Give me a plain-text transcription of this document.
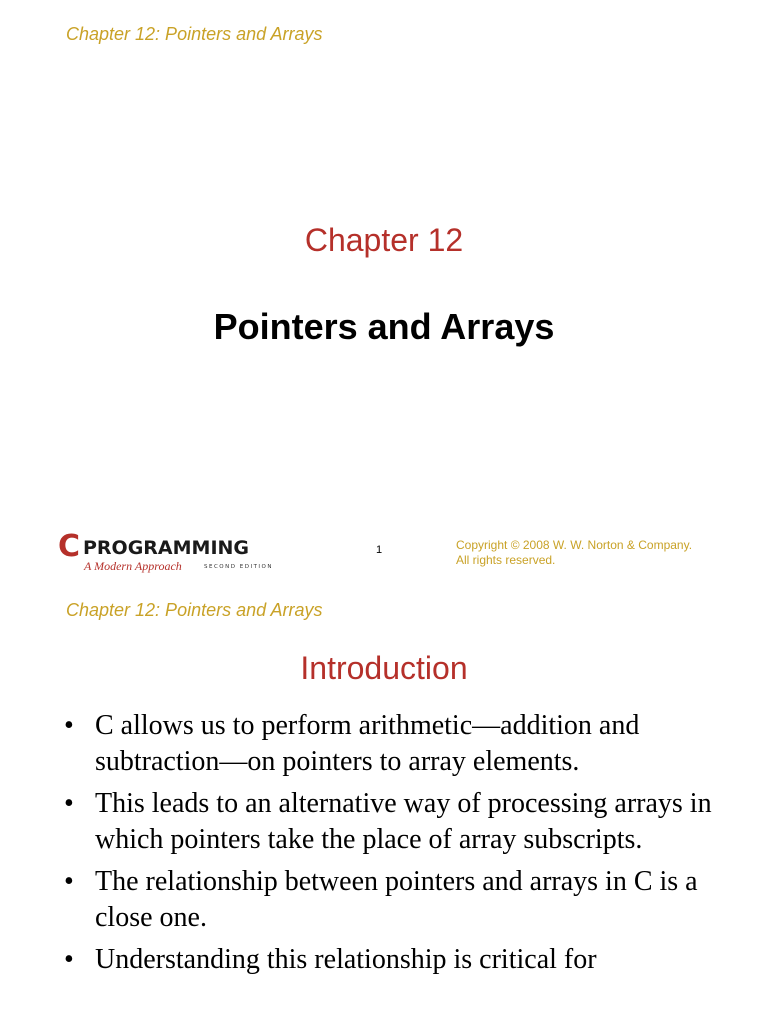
Chapter 12: Pointers and Arrays
Chapter 12
Pointers and Arrays
C PROGRAMMING
A Modern Approach	SECOND EDITION
1	Copyright © 2008 W. W. Norton & Company.
All rights reserved.
Chapter 12: Pointers and Arrays
Introduction
• C allows us to perform arithmetic—addition and subtraction—on pointers to array elements.
• This leads to an alternative way of processing arrays in which pointers take the place of array subscripts.
• The relationship between pointers and arrays in C is a close one.
• Understanding this relationship is critical for
